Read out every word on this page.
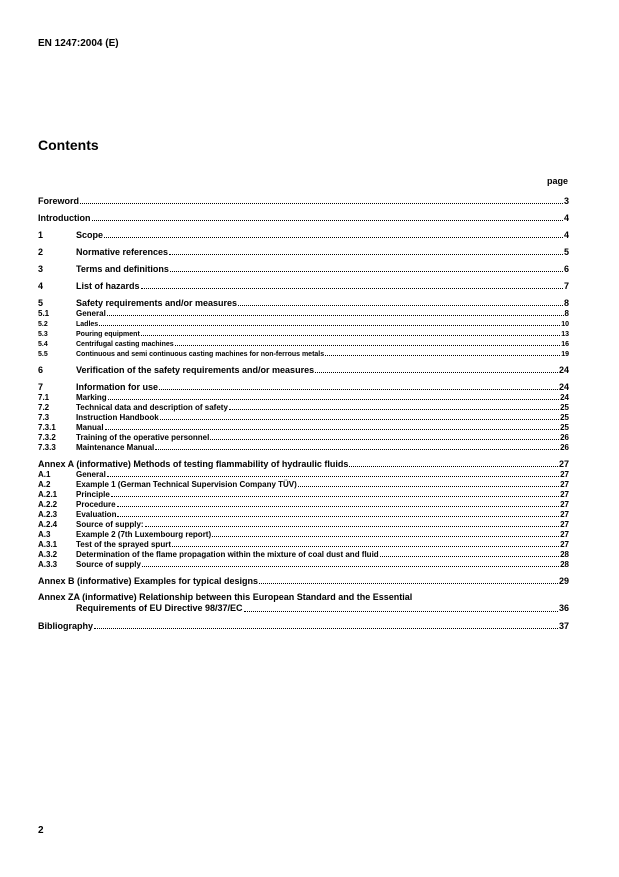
EN 1247:2004 (E)
Contents
page
Foreword	3
Introduction	4
1	Scope	4
2	Normative references	5
3	Terms and definitions	6
4	List of hazards	7
5	Safety requirements and/or measures	8
5.1	General	8
5.2	Ladles	10
5.3	Pouring equipment	13
5.4	Centrifugal casting machines	16
5.5	Continuous and semi continuous casting machines for non-ferrous metals	19
6	Verification of the safety requirements and/or measures	24
7	Information for use	24
7.1	Marking	24
7.2	Technical data and description of safety	25
7.3	Instruction Handbook	25
7.3.1	Manual	25
7.3.2	Training of the operative personnel	26
7.3.3	Maintenance Manual	26
Annex A (informative) Methods of testing flammability of hydraulic fluids	27
A.1	General	27
A.2	Example 1 (German Technical Supervision Company TÜV)	27
A.2.1	Principle	27
A.2.2	Procedure	27
A.2.3	Evaluation	27
A.2.4	Source of supply:	27
A.3	Example 2 (7th Luxembourg report)	27
A.3.1	Test of the sprayed spurt	27
A.3.2	Determination of the flame propagation within the mixture of coal dust and fluid	28
A.3.3	Source of supply	28
Annex B (informative) Examples for typical designs	29
Annex ZA (informative) Relationship between this European Standard and the Essential
Requirements of EU Directive 98/37/EC	36
Bibliography	37
2
